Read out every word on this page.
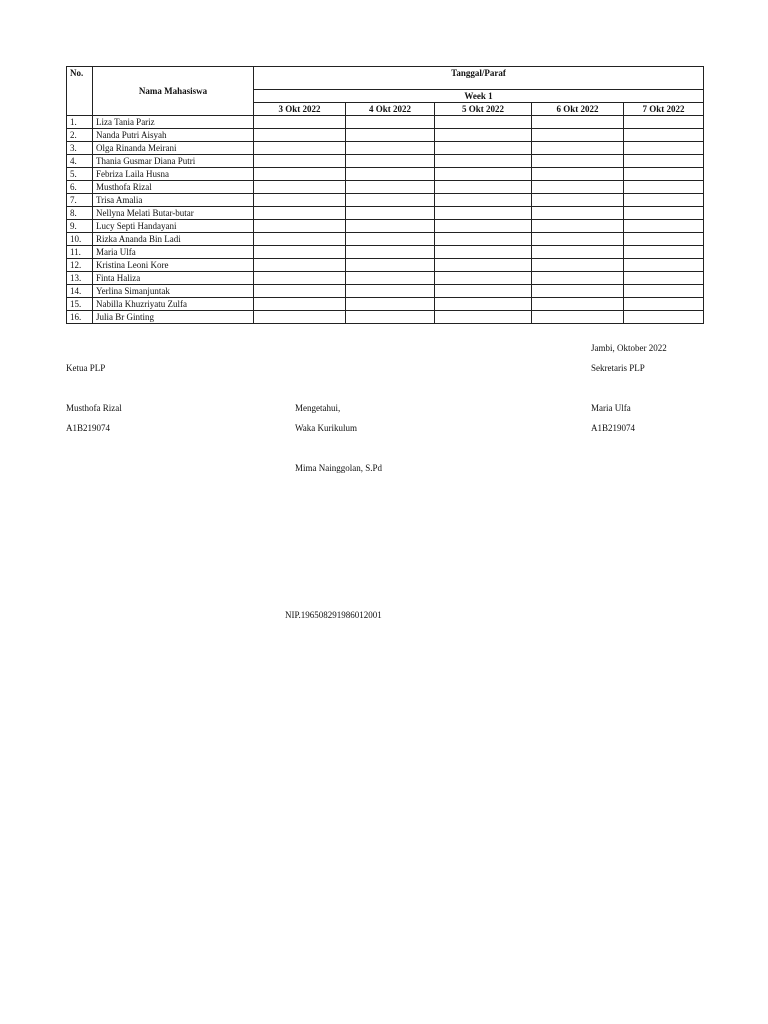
No.	Nama Mahasiswa	Tanggal/Paraf				
		Week 1				
		3 Okt 2022	4 Okt 2022	5 Okt 2022	6 Okt 2022	7 Okt 2022
1.	Liza Tania Pariz					
2.	Nanda Putri Aisyah					
3.	Olga Rinanda Meirani					
4.	Thania Gusmar Diana Putri					
5.	Febriza Laila Husna					
6.	Musthofa Rizal					
7.	Trisa Amalia					
8.	Nellyna Melati Butar-butar					
9.	Lucy Septi Handayani					
10.	Rizka Ananda Bin Ladi					
11.	Maria Ulfa					
12.	Kristina Leoni Kore					
13.	Finta Haliza					
14.	Yerlina Simanjuntak					
15.	Nabilla Khuzriyatu Zulfa					
16.	Julia Br Ginting					
Jambi, Oktober 2022
Ketua PLP	Sekretaris PLP
Musthofa Rizal	Mengetahui,	Maria Ulfa
A1B219074	Waka Kurikulum	A1B219074
Mima Nainggolan, S.Pd
NIP.196508291986012001
